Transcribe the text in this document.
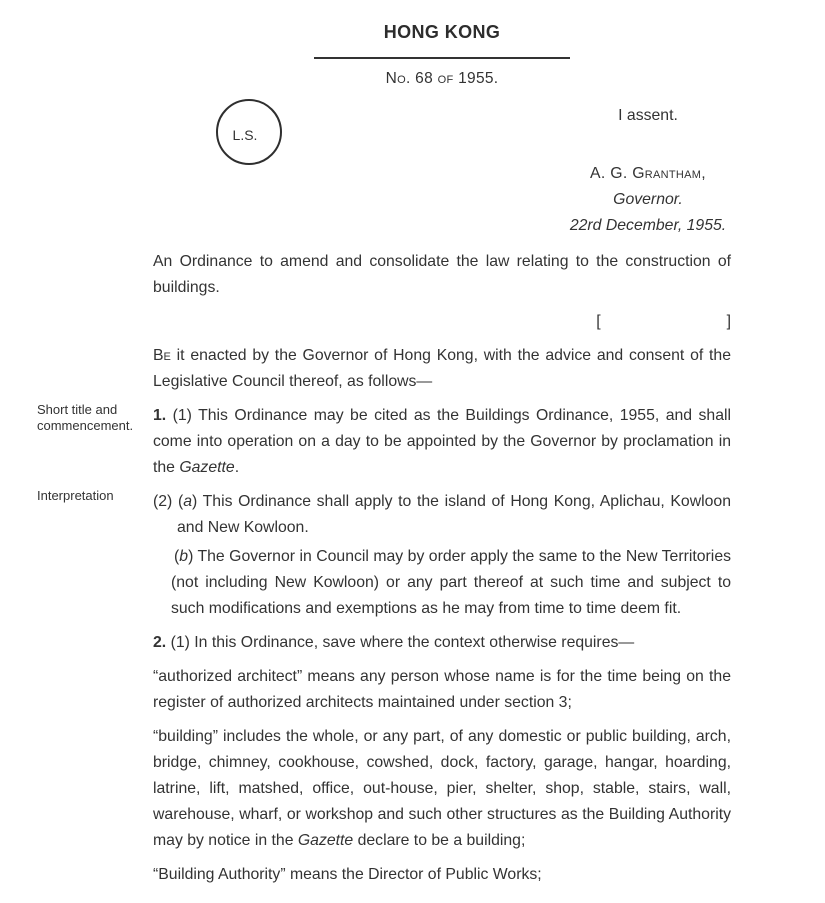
Short title and commencement.
Interpretation
HONG KONG
No. 68 of 1955.
L.S.
I assent.
A. G. Grantham,
Governor.
22rd December, 1955.

An Ordinance to amend and consolidate the law relating to the construction of buildings.

[	]

Be it enacted by the Governor of Hong Kong, with the advice and consent of the Legislative Council thereof, as follows—

1. (1) This Ordinance may be cited as the Buildings Ordinance, 1955, and shall come into operation on a day to be appointed by the Governor by proclamation in the Gazette.

(2) (a) This Ordinance shall apply to the island of Hong Kong, Aplichau, Kowloon and New Kowloon.

(b) The Governor in Council may by order apply the same to the New Territories (not including New Kowloon) or any part thereof at such time and subject to such modifications and exemptions as he may from time to time deem fit.

2. (1) In this Ordinance, save where the context otherwise requires—

“authorized architect” means any person whose name is for the time being on the register of authorized architects maintained under section 3;

“building” includes the whole, or any part, of any domestic or public building, arch, bridge, chimney, cookhouse, cowshed, dock, factory, garage, hangar, hoarding, latrine, lift, matshed, office, out-house, pier, shelter, shop, stable, stairs, wall, warehouse, wharf, or workshop and such other structures as the Building Authority may by notice in the Gazette declare to be a building;

“Building Authority” means the Director of Public Works;
